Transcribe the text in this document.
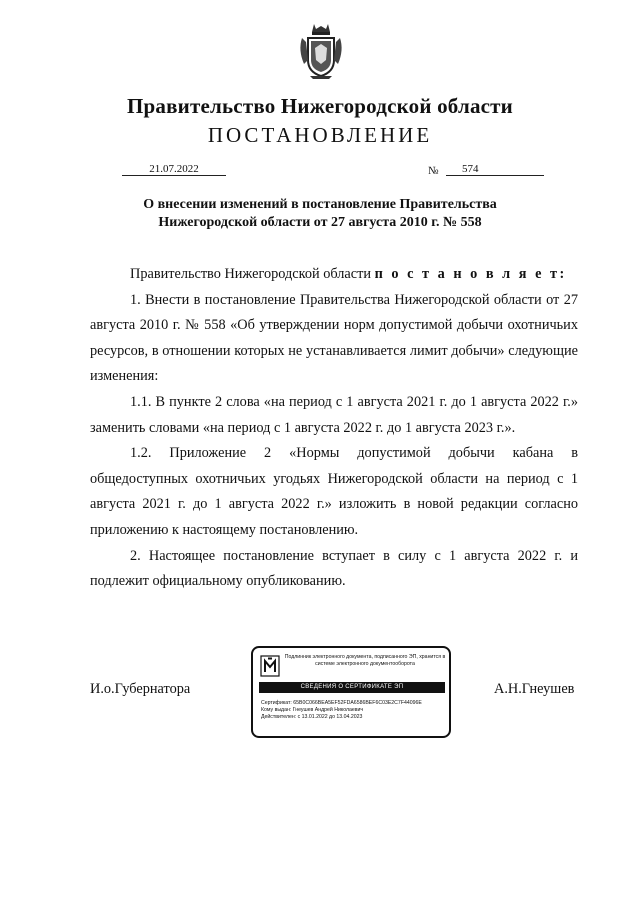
Правительство Нижегородской области
ПОСТАНОВЛЕНИЕ
21.07.2022	№	574
О внесении изменений в постановление Правительства
Нижегородской области от 27 августа 2010 г. № 558

Правительство Нижегородской области п о с т а н о в л я е т:

1. Внести в постановление Правительства Нижегородской области от 27 августа 2010 г. № 558 «Об утверждении норм допустимой добычи охотничьих ресурсов, в отношении которых не устанавливается лимит добычи» следующие изменения:

1.1. В пункте 2 слова «на период с 1 августа 2021 г. до 1 августа 2022 г.» заменить словами «на период с 1 августа 2022 г. до 1 августа 2023 г.».

1.2. Приложение 2 «Нормы допустимой добычи кабана в общедоступных охотничьих угодьях Нижегородской области на период с 1 августа 2021 г. до 1 августа 2022 г.» изложить в новой редакции согласно приложению к настоящему постановлению.

2. Настоящее постановление вступает в силу с 1 августа 2022 г. и подлежит официальному опубликованию.

И.о.Губернатора	А.Н.Гнеушев
Подлинник электронного документа, подписанного ЭП, хранится в системе электронного документооборота
СВЕДЕНИЯ О СЕРТИФИКАТЕ ЭП
Сертификат: 65B0C066BEA5EF52FDA6586BEF6C03E2C7F44096E
Кому выдан: Гнеушев Андрей Николаевич
Действителен: с 13.01.2022 до 13.04.2023
